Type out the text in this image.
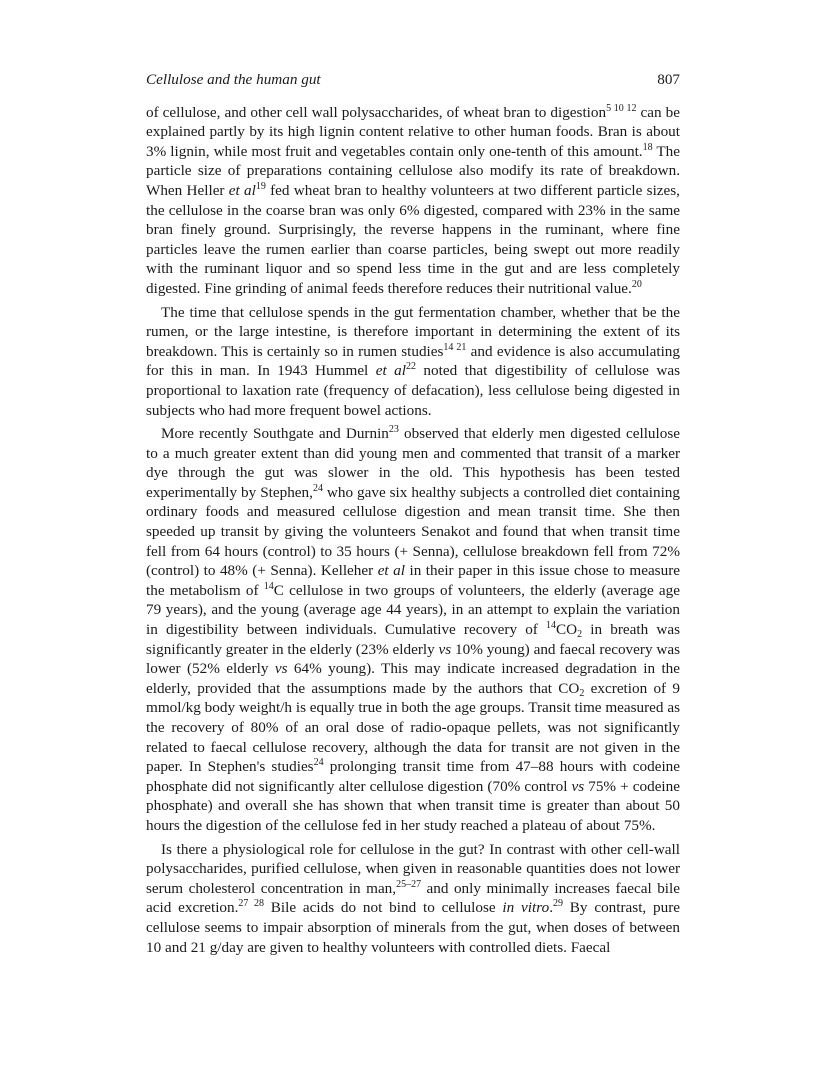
Cellulose and the human gut	807

of cellulose, and other cell wall polysaccharides, of wheat bran to digestion$^{5 10 12}$ can be explained partly by its high lignin content relative to other human foods. Bran is about 3% lignin, while most fruit and vegetables contain only one-tenth of this amount.$^{18}$ The particle size of preparations containing cellulose also modify its rate of breakdown. When Heller et $al^{19}$ fed wheat bran to healthy volunteers at two different particle sizes, the cellulose in the coarse bran was only 6% digested, compared with 23% in the same bran finely ground. Surprisingly, the reverse happens in the ruminant, where fine particles leave the rumen earlier than coarse particles, being swept out more readily with the ruminant liquor and so spend less time in the gut and are less completely digested. Fine grinding of animal feeds therefore reduces their nutritional value.$^{20}$

The time that cellulose spends in the gut fermentation chamber, whether that be the rumen, or the large intestine, is therefore important in determining the extent of its breakdown. This is certainly so in rumen studies$^{14 21}$ and evidence is also accumulating for this in man. In 1943 Hummel et $al^{22}$ noted that digestibility of cellulose was proportional to laxation rate (frequency of defacation), less cellulose being digested in subjects who had more frequent bowel actions.

More recently Southgate and Durnin$^{23}$ observed that elderly men digested cellulose to a much greater extent than did young men and commented that transit of a marker dye through the gut was slower in the old. This hypothesis has been tested experimentally by Stephen,$^{24}$ who gave six healthy subjects a controlled diet containing ordinary foods and measured cellulose digestion and mean transit time. She then speeded up transit by giving the volunteers Senakot and found that when transit time fell from 64 hours (control) to 35 hours (+ Senna), cellulose breakdown fell from 72% (control) to 48% (+ Senna). Kelleher et al in their paper in this issue chose to measure the metabolism of $^{14}$C cellulose in two groups of volunteers, the elderly (average age 79 years), and the young (average age 44 years), in an attempt to explain the variation in digestibility between individuals. Cumulative recovery of $^{14}CO_2$ in breath was significantly greater in the elderly (23% elderly vs 10% young) and faecal recovery was lower (52% elderly vs 64% young). This may indicate increased degradation in the elderly, provided that the assumptions made by the authors that $CO_2$ excretion of 9 mmol/kg body weight/h is equally true in both the age groups. Transit time measured as the recovery of 80% of an oral dose of radio-opaque pellets, was not significantly related to faecal cellulose recovery, although the data for transit are not given in the paper. In Stephen's studies$^{24}$ prolonging transit time from 47–88 hours with codeine phosphate did not significantly alter cellulose digestion (70% control vs 75% + codeine phosphate) and overall she has shown that when transit time is greater than about 50 hours the digestion of the cellulose fed in her study reached a plateau of about 75%.

Is there a physiological role for cellulose in the gut? In contrast with other cell-wall polysaccharides, purified cellulose, when given in reasonable quantities does not lower serum cholesterol concentration in man,$^{25-27}$ and only minimally increases faecal bile acid excretion.$^{27 28}$ Bile acids do not bind to cellulose in vitro.$^{29}$ By contrast, pure cellulose seems to impair absorption of minerals from the gut, when doses of between 10 and 21 g/day are given to healthy volunteers with controlled diets. Faecal
